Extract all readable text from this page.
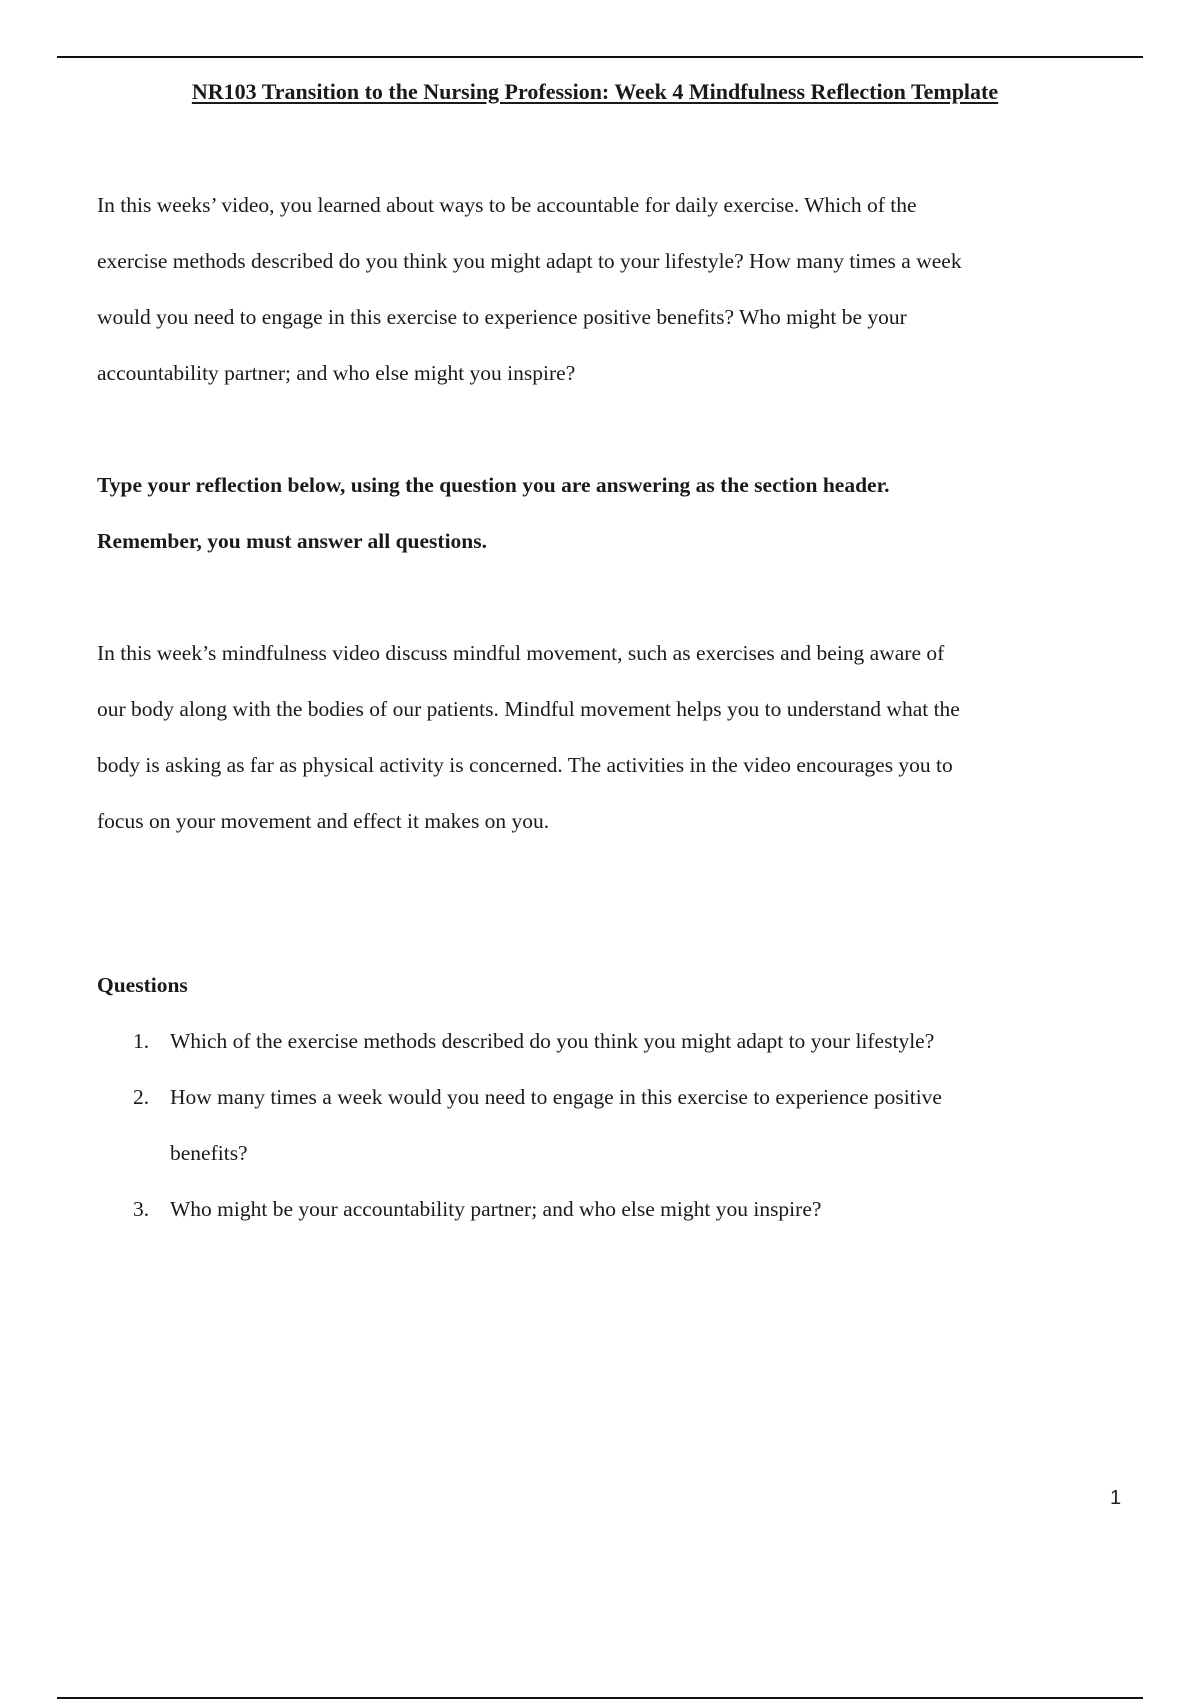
NR103 Transition to the Nursing Profession: Week 4 Mindfulness Reflection Template

In this weeks’ video, you learned about ways to be accountable for daily exercise. Which of the
exercise methods described do you think you might adapt to your lifestyle? How many times a week
would you need to engage in this exercise to experience positive benefits? Who might be your
accountability partner; and who else might you inspire?

Type your reflection below, using the question you are answering as the section header.
Remember, you must answer all questions.

In this week’s mindfulness video discuss mindful movement, such as exercises and being aware of
our body along with the bodies of our patients. Mindful movement helps you to understand what the
body is asking as far as physical activity is concerned. The activities in the video encourages you to
focus on your movement and effect it makes on you.

Questions

1. Which of the exercise methods described do you think you might adapt to your lifestyle?
2. How many times a week would you need to engage in this exercise to experience positive
benefits?
3. Who might be your accountability partner; and who else might you inspire?
1
